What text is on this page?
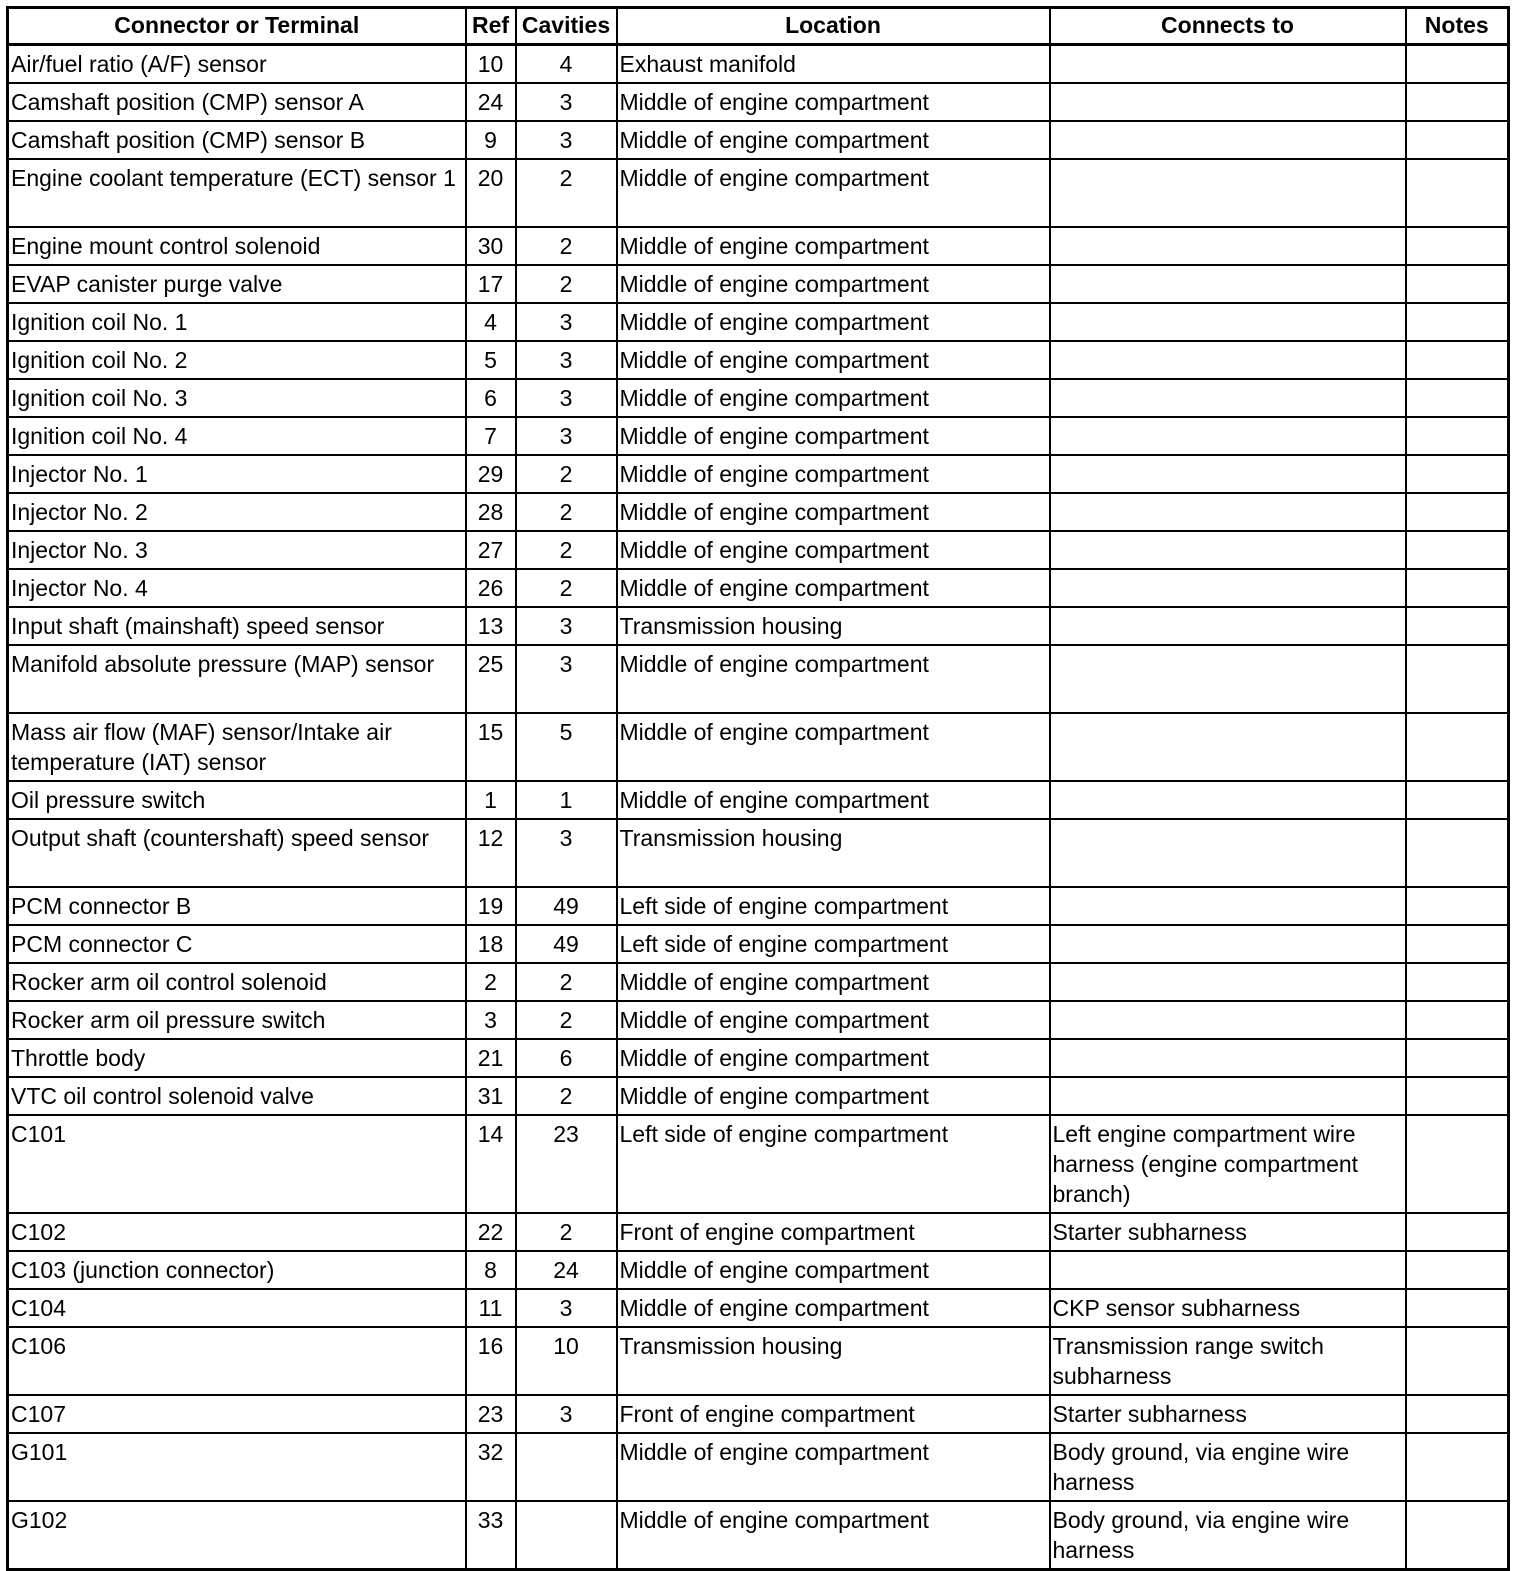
Connector or Terminal	Ref	Cavities	Location	Connects to	Notes
Air/fuel ratio (A/F) sensor	10	4	Exhaust manifold		
Camshaft position (CMP) sensor A	24	3	Middle of engine compartment		
Camshaft position (CMP) sensor B	9	3	Middle of engine compartment		
Engine coolant temperature (ECT) sensor 1	20	2	Middle of engine compartment		
Engine mount control solenoid	30	2	Middle of engine compartment		
EVAP canister purge valve	17	2	Middle of engine compartment		
Ignition coil No. 1	4	3	Middle of engine compartment		
Ignition coil No. 2	5	3	Middle of engine compartment		
Ignition coil No. 3	6	3	Middle of engine compartment		
Ignition coil No. 4	7	3	Middle of engine compartment		
Injector No. 1	29	2	Middle of engine compartment		
Injector No. 2	28	2	Middle of engine compartment		
Injector No. 3	27	2	Middle of engine compartment		
Injector No. 4	26	2	Middle of engine compartment		
Input shaft (mainshaft) speed sensor	13	3	Transmission housing		
Manifold absolute pressure (MAP) sensor	25	3	Middle of engine compartment		
Mass air flow (MAF) sensor/Intake air temperature (IAT) sensor	15	5	Middle of engine compartment		
Oil pressure switch	1	1	Middle of engine compartment		
Output shaft (countershaft) speed sensor	12	3	Transmission housing		
PCM connector B	19	49	Left side of engine compartment		
PCM connector C	18	49	Left side of engine compartment		
Rocker arm oil control solenoid	2	2	Middle of engine compartment		
Rocker arm oil pressure switch	3	2	Middle of engine compartment		
Throttle body	21	6	Middle of engine compartment		
VTC oil control solenoid valve	31	2	Middle of engine compartment		
C101	14	23	Left side of engine compartment	Left engine compartment wire harness (engine compartment branch)	
C102	22	2	Front of engine compartment	Starter subharness	
C103 (junction connector)	8	24	Middle of engine compartment		
C104	11	3	Middle of engine compartment	CKP sensor subharness	
C106	16	10	Transmission housing	Transmission range switch subharness	
C107	23	3	Front of engine compartment	Starter subharness	
G101	32		Middle of engine compartment	Body ground, via engine wire harness	
G102	33		Middle of engine compartment	Body ground, via engine wire harness	
